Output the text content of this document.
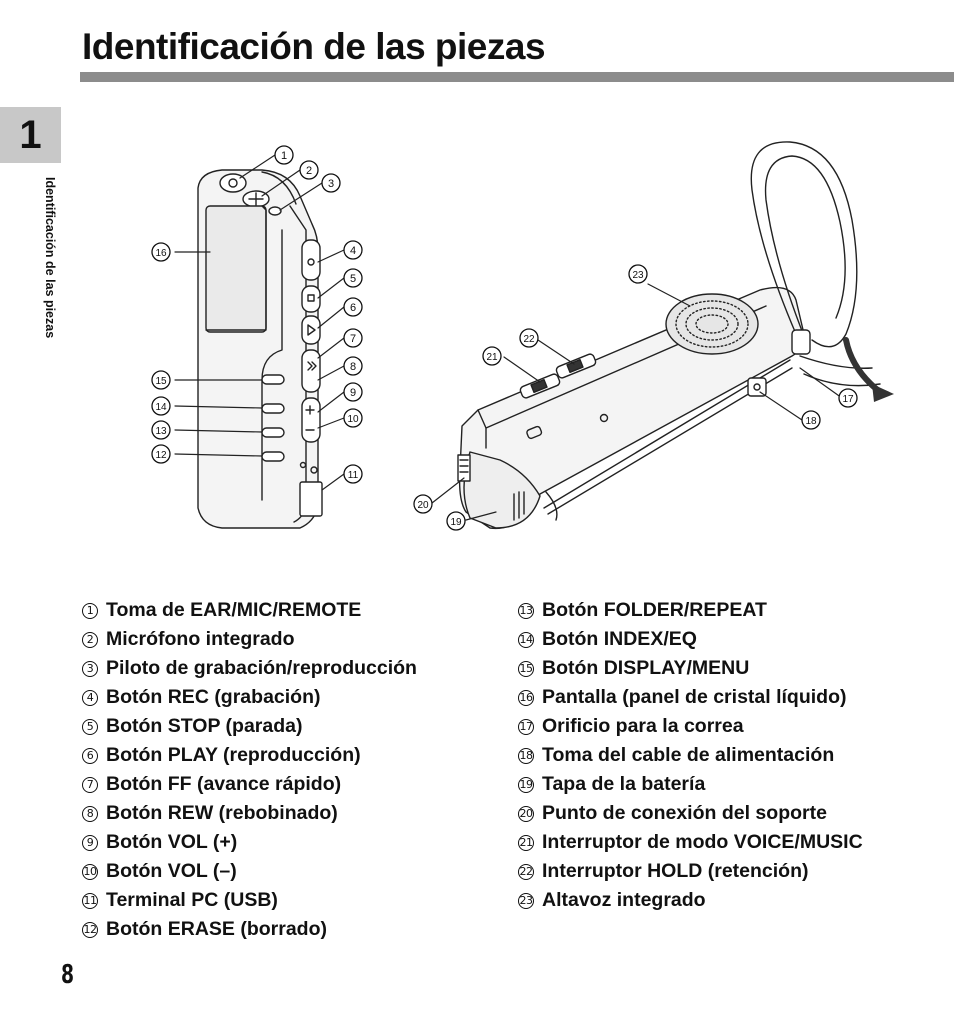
Identificación de las piezas
1
Identificación de las piezas
1
2
3
4
5
6
7
8
9
10
11
12
13
14
15
16
17
18
19
20
21
22
23
1 Toma de EAR/MIC/REMOTE
2 Micrófono integrado
3 Piloto de grabación/reproducción
4 Botón REC (grabación)
5 Botón STOP (parada)
6 Botón PLAY (reproducción)
7 Botón FF (avance rápido)
8 Botón REW (rebobinado)
9 Botón VOL (+)
10 Botón VOL (–)
11 Terminal PC (USB)
12 Botón ERASE (borrado)
13 Botón FOLDER/REPEAT
14 Botón INDEX/EQ
15 Botón DISPLAY/MENU
16 Pantalla (panel de cristal líquido)
17 Orificio para la correa
18 Toma del cable de alimentación
19 Tapa de la batería
20 Punto de conexión del soporte
21 Interruptor de modo VOICE/MUSIC
22 Interruptor HOLD (retención)
23 Altavoz integrado
8
